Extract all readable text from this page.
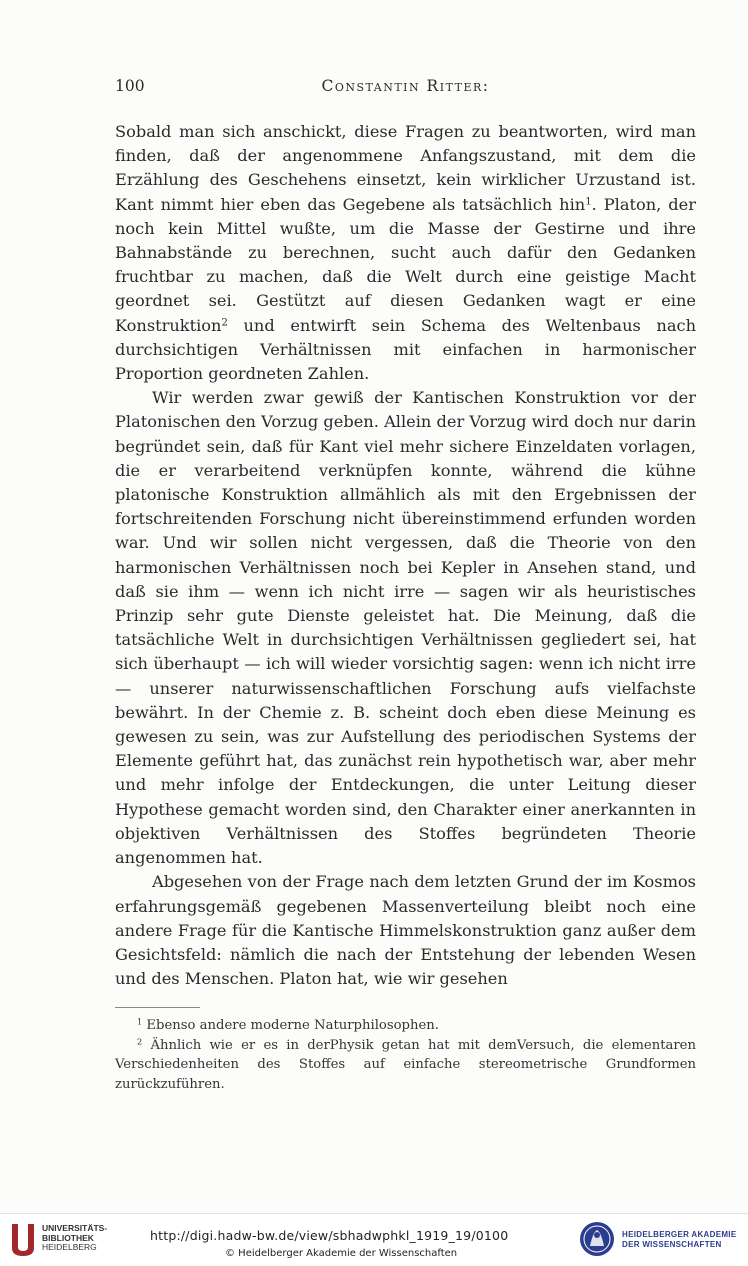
100	Constantin Ritter:

Sobald man sich anschickt, diese Fragen zu beantworten, wird man finden, daß der angenommene Anfangszustand, mit dem die Erzählung des Geschehens einsetzt, kein wirklicher Urzustand ist. Kant nimmt hier eben das Gegebene als tatsächlich hin$^1$. Platon, der noch kein Mittel wußte, um die Masse der Gestirne und ihre Bahnabstände zu berechnen, sucht auch dafür den Gedanken fruchtbar zu machen, daß die Welt durch eine geistige Macht geordnet sei. Gestützt auf diesen Gedanken wagt er eine Konstruktion$^2$ und entwirft sein Schema des Weltenbaus nach durchsichtigen Verhältnissen mit einfachen in harmonischer Proportion geordneten Zahlen.

Wir werden zwar gewiß der Kantischen Konstruktion vor der Platonischen den Vorzug geben. Allein der Vorzug wird doch nur darin begründet sein, daß für Kant viel mehr sichere Einzeldaten vorlagen, die er verarbeitend verknüpfen konnte, während die kühne platonische Konstruktion allmählich als mit den Ergebnissen der fortschreitenden Forschung nicht übereinstimmend erfunden worden war. Und wir sollen nicht vergessen, daß die Theorie von den harmonischen Verhältnissen noch bei Kepler in Ansehen stand, und daß sie ihm — wenn ich nicht irre — sagen wir als heuristisches Prinzip sehr gute Dienste geleistet hat. Die Meinung, daß die tatsächliche Welt in durchsichtigen Verhältnissen gegliedert sei, hat sich überhaupt — ich will wieder vorsichtig sagen: wenn ich nicht irre — unserer naturwissenschaftlichen Forschung aufs vielfachste bewährt. In der Chemie z. B. scheint doch eben diese Meinung es gewesen zu sein, was zur Aufstellung des periodischen Systems der Elemente geführt hat, das zunächst rein hypothetisch war, aber mehr und mehr infolge der Entdeckungen, die unter Leitung dieser Hypothese gemacht worden sind, den Charakter einer anerkannten in objektiven Verhältnissen des Stoffes begründeten Theorie angenommen hat.

Abgesehen von der Frage nach dem letzten Grund der im Kosmos erfahrungsgemäß gegebenen Massenverteilung bleibt noch eine andere Frage für die Kantische Himmelskonstruktion ganz außer dem Gesichtsfeld: nämlich die nach der Entstehung der lebenden Wesen und des Menschen. Platon hat, wie wir gesehen

$^1$ Ebenso andere moderne Naturphilosophen.

$^2$ Ähnlich wie er es in derPhysik getan hat mit demVersuch, die elementaren Verschiedenheiten des Stoffes auf einfache stereometrische Grundformen zurückzuführen.

UNIVERSITÄTS-
BIBLIOTHEK
HEIDELBERG
http://digi.hadw-bw.de/view/sbhadwphkl_1919_19/0100
© Heidelberger Akademie der Wissenschaften
HEIDELBERGER AKADEMIE
DER WISSENSCHAFTEN
